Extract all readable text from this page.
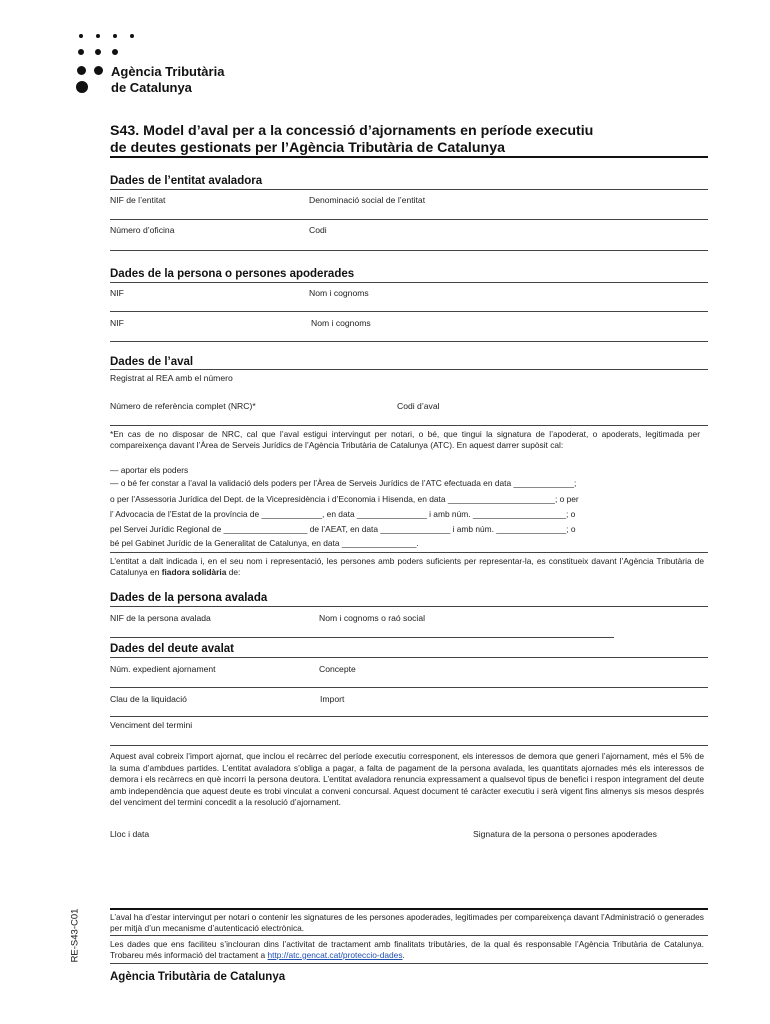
Agència Tributària
de Catalunya
S43. Model d’aval per a la concessió d’ajornaments en període executiu
de deutes gestionats per l’Agència Tributària de Catalunya
Dades de l’entitat avaladora
NIF de l’entitat	Denominació social de l’entitat
Número d’oficina	Codi
Dades de la persona o persones apoderades
NIF	Nom i cognoms
NIF	Nom i cognoms
Dades de l’aval
Registrat al REA amb el número
Número de referència complet (NRC)*	Codi d’aval
*En cas de no disposar de NRC, cal que l’aval estigui intervingut per notari, o bé, que tingui la signatura de l’apoderat, o apoderats, legitimada per compareixença davant l’Àrea de Serveis Jurídics de l’Agència Tributària de Catalunya (ATC). En aquest darrer supòsit cal:
— aportar els poders
— o bé fer constar a l’aval la validació dels poders per l’Àrea de Serveis Jurídics de l’ATC efectuada en data _____________;
o per l’Assessoria Jurídica del Dept. de la Vicepresidència i d’Economia i Hisenda, en data _______________________; o per
l’ Advocacia de l’Estat de la província de _____________, en data _______________ i amb núm. ____________________; o
pel Servei Jurídic Regional de __________________ de l’AEAT, en data _______________ i amb núm. _______________; o
bé pel Gabinet Jurídic de la Generalitat de Catalunya, en data ________________.
L’entitat a dalt indicada i, en el seu nom i representació, les persones amb poders suficients per representar-la, es constitueix davant l’Agència Tributària de Catalunya en fiadora solidària de:
Dades de la persona avalada
NIF de la persona avalada	Nom i cognoms o raó social
Dades del deute avalat
Núm. expedient ajornament	Concepte
Clau de la liquidació	Import
Venciment del termini
Aquest aval cobreix l’import ajornat, que inclou el recàrrec del període executiu corresponent, els interessos de demora que generi l’ajornament, més el 5% de la suma d’ambdues partides. L’entitat avaladora s’obliga a pagar, a falta de pagament de la persona avalada, les quantitats ajornades més els interessos de demora i els recàrrecs en què incorri la persona deutora. L’entitat avaladora renuncia expressament a qualsevol tipus de benefici i respon integrament del deute amb independència que aquest deute es trobi vinculat a conveni concursal. Aquest document té caràcter executiu i serà vigent fins almenys sis mesos després del venciment del termini concedit a la resolució d’ajornament.
Lloc i data	Signatura de la persona o persones apoderades
RE-S43-C01	L’aval ha d’estar intervingut per notari o contenir les signatures de les persones apoderades, legitimades per compareixença davant l’Administració o generades per mitjà d’un mecanisme d’autenticació electrònica.
Les dades que ens faciliteu s’inclouran dins l’activitat de tractament amb finalitats tributàries, de la qual és responsable l’Agència Tributària de Catalunya. Trobareu més informació del tractament a http://atc.gencat.cat/proteccio-dades.
Agència Tributària de Catalunya
